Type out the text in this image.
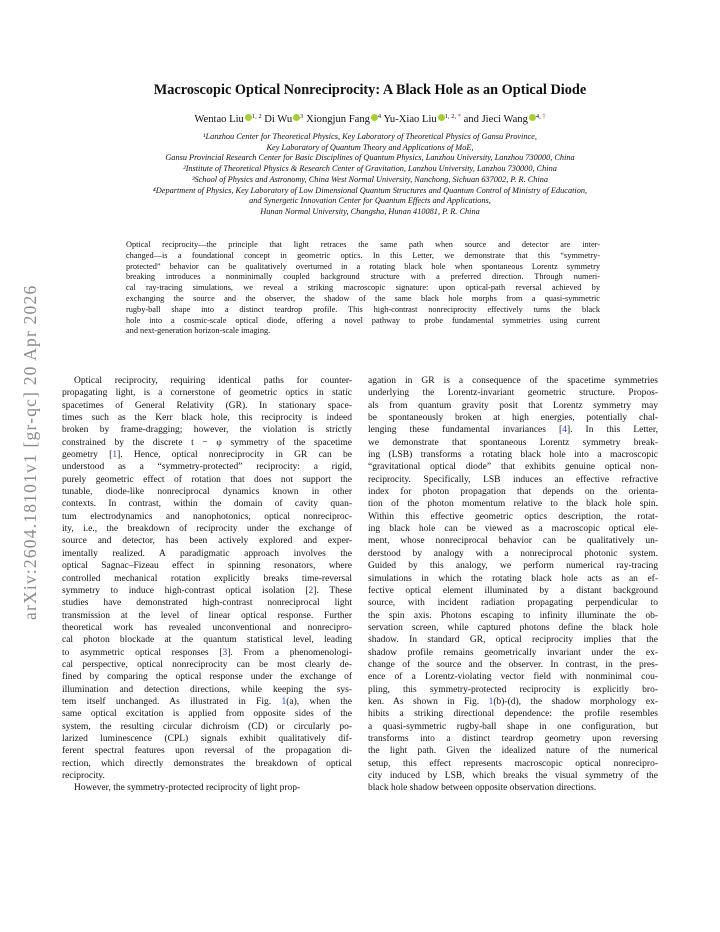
arXiv:2604.18101v1 [gr-qc] 20 Apr 2026
Macroscopic Optical Nonreciprocity: A Black Hole as an Optical Diode
Wentao Liu $^{1, 2}$ Di Wu $^3$ Xiongjun Fang $^4$ Yu-Xiao Liu $^{1, 2, *}$ and Jieci Wang $^{4, \dagger}$
¹Lanzhou Center for Theoretical Physics, Key Laboratory of Theoretical Physics of Gansu Province,
Key Laboratory of Quantum Theory and Applications of MoE,
Gansu Provincial Research Center for Basic Disciplines of Quantum Physics, Lanzhou University, Lanzhou 730000, China
²Institute of Theoretical Physics & Research Center of Gravitation, Lanzhou University, Lanzhou 730000, China
³School of Physics and Astronomy, China West Normal University, Nanchong, Sichuan 637002, P. R. China
⁴Department of Physics, Key Laboratory of Low Dimensional Quantum Structures and Quantum Control of Ministry of Education,
and Synergetic Innovation Center for Quantum Effects and Applications,
Hunan Normal University, Changsha, Hunan 410081, P. R. China
Optical reciprocity—the principle that light retraces the same path when source and detector are inter-
changed—is a foundational concept in geometric optics. In this Letter, we demonstrate that this “symmetry-
protected” behavior can be qualitatively overturned in a rotating black hole when spontaneous Lorentz symmetry
breaking introduces a nonminimally coupled background structure with a preferred direction. Through numeri-
cal ray-tracing simulations, we reveal a striking macroscopic signature: upon optical-path reversal achieved by
exchanging the source and the observer, the shadow of the same black hole morphs from a quasi-symmetric
rugby-ball shape into a distinct teardrop profile. This high-contrast nonreciprocity effectively turns the black
hole into a cosmic-scale optical diode, offering a novel pathway to probe fundamental symmetries using current
and next-generation horizon-scale imaging.
Optical reciprocity, requiring identical paths for counter-
propagating light, is a cornerstone of geometric optics in static
spacetimes of General Relativity (GR). In stationary space-
times such as the Kerr black hole, this reciprocity is indeed
broken by frame-dragging; however, the violation is strictly
constrained by the discrete t − φ symmetry of the spacetime
geometry [1]. Hence, optical nonreciprocity in GR can be
understood as a “symmetry-protected” reciprocity: a rigid,
purely geometric effect of rotation that does not support the
tunable, diode-like nonreciprocal dynamics known in other
contexts. In contrast, within the domain of cavity quan-
tum electrodynamics and nanophotonics, optical nonreciproc-
ity, i.e., the breakdown of reciprocity under the exchange of
source and detector, has been actively explored and exper-
imentally realized. A paradigmatic approach involves the
optical Sagnac–Fizeau effect in spinning resonators, where
controlled mechanical rotation explicitly breaks time-reversal
symmetry to induce high-contrast optical isolation [2]. These
studies have demonstrated high-contrast nonreciprocal light
transmission at the level of linear optical response. Further
theoretical work has revealed unconventional and nonrecipro-
cal photon blockade at the quantum statistical level, leading
to asymmetric optical responses [3]. From a phenomenologi-
cal perspective, optical nonreciprocity can be most clearly de-
fined by comparing the optical response under the exchange of
illumination and detection directions, while keeping the sys-
tem itself unchanged. As illustrated in Fig. 1(a), when the
same optical excitation is applied from opposite sides of the
system, the resulting circular dichroism (CD) or circularly po-
larized luminescence (CPL) signals exhibit qualitatively dif-
ferent spectral features upon reversal of the propagation di-
rection, which directly demonstrates the breakdown of optical
reciprocity.
However, the symmetry-protected reciprocity of light prop-
agation in GR is a consequence of the spacetime symmetries
underlying the Lorentz-invariant geometric structure. Propos-
als from quantum gravity posit that Lorentz symmetry may
be spontaneously broken at high energies, potentially chal-
lenging these fundamental invariances [4]. In this Letter,
we demonstrate that spontaneous Lorentz symmetry break-
ing (LSB) transforms a rotating black hole into a macroscopic
“gravitational optical diode” that exhibits genuine optical non-
reciprocity. Specifically, LSB induces an effective refractive
index for photon propagation that depends on the orienta-
tion of the photon momentum relative to the black hole spin.
Within this effective geometric optics description, the rotat-
ing black hole can be viewed as a macroscopic optical ele-
ment, whose nonreciprocal behavior can be qualitatively un-
derstood by analogy with a nonreciprocal photonic system.
Guided by this analogy, we perform numerical ray-tracing
simulations in which the rotating black hole acts as an ef-
fective optical element illuminated by a distant background
source, with incident radiation propagating perpendicular to
the spin axis. Photons escaping to infinity illuminate the ob-
servation screen, while captured photons define the black hole
shadow. In standard GR, optical reciprocity implies that the
shadow profile remains geometrically invariant under the ex-
change of the source and the observer. In contrast, in the pres-
ence of a Lorentz-violating vector field with nonminimal cou-
pling, this symmetry-protected reciprocity is explicitly bro-
ken. As shown in Fig. 1(b)-(d), the shadow morphology ex-
hibits a striking directional dependence: the profile resembles
a quasi-symmetric rugby-ball shape in one configuration, but
transforms into a distinct teardrop geometry upon reversing
the light path. Given the idealized nature of the numerical
setup, this effect represents macroscopic optical nonrecipro-
city induced by LSB, which breaks the visual symmetry of the
black hole shadow between opposite observation directions.
